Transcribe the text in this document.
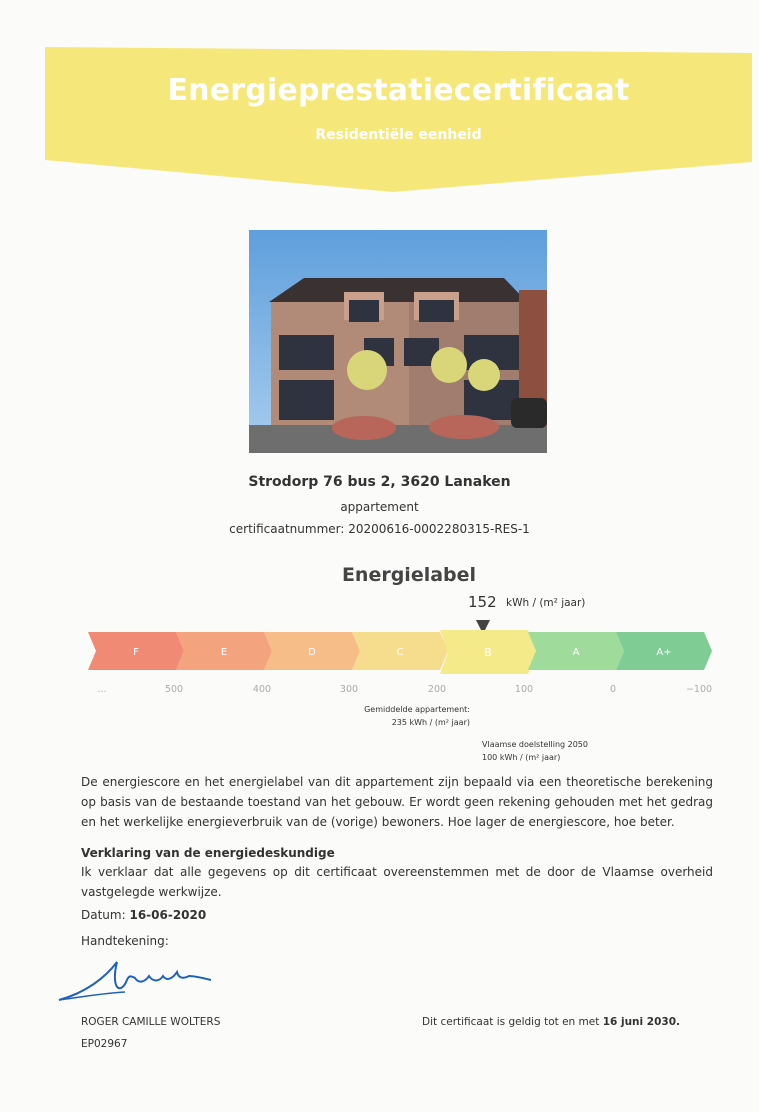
Energieprestatiecertificaat
Residentiële eenheid
Strodorp 76 bus 2, 3620 Lanaken
appartement
certificaatnummer: 20200616-0002280315-RES-1
Energielabel
152 kWh / (m² jaar)
F	E	D	C	B	A	A+
...	500	400	300	200	100	0	−100
Gemiddelde appartement:
235 kWh / (m² jaar)
Vlaamse doelstelling 2050
100 kWh / (m² jaar)
De energiescore en het energielabel van dit appartement zijn bepaald via een theoretische berekening op basis van de bestaande toestand van het gebouw. Er wordt geen rekening gehouden met het gedrag en het werkelijke energieverbruik van de (vorige) bewoners. Hoe lager de energiescore, hoe beter.
Verklaring van de energiedeskundige
Ik verklaar dat alle gegevens op dit certificaat overeenstemmen met de door de Vlaamse overheid vastgelegde werkwijze.
Datum: 16-06-2020
Handtekening:
ROGER CAMILLE WOLTERS
EP02967
Dit certificaat is geldig tot en met 16 juni 2030.
